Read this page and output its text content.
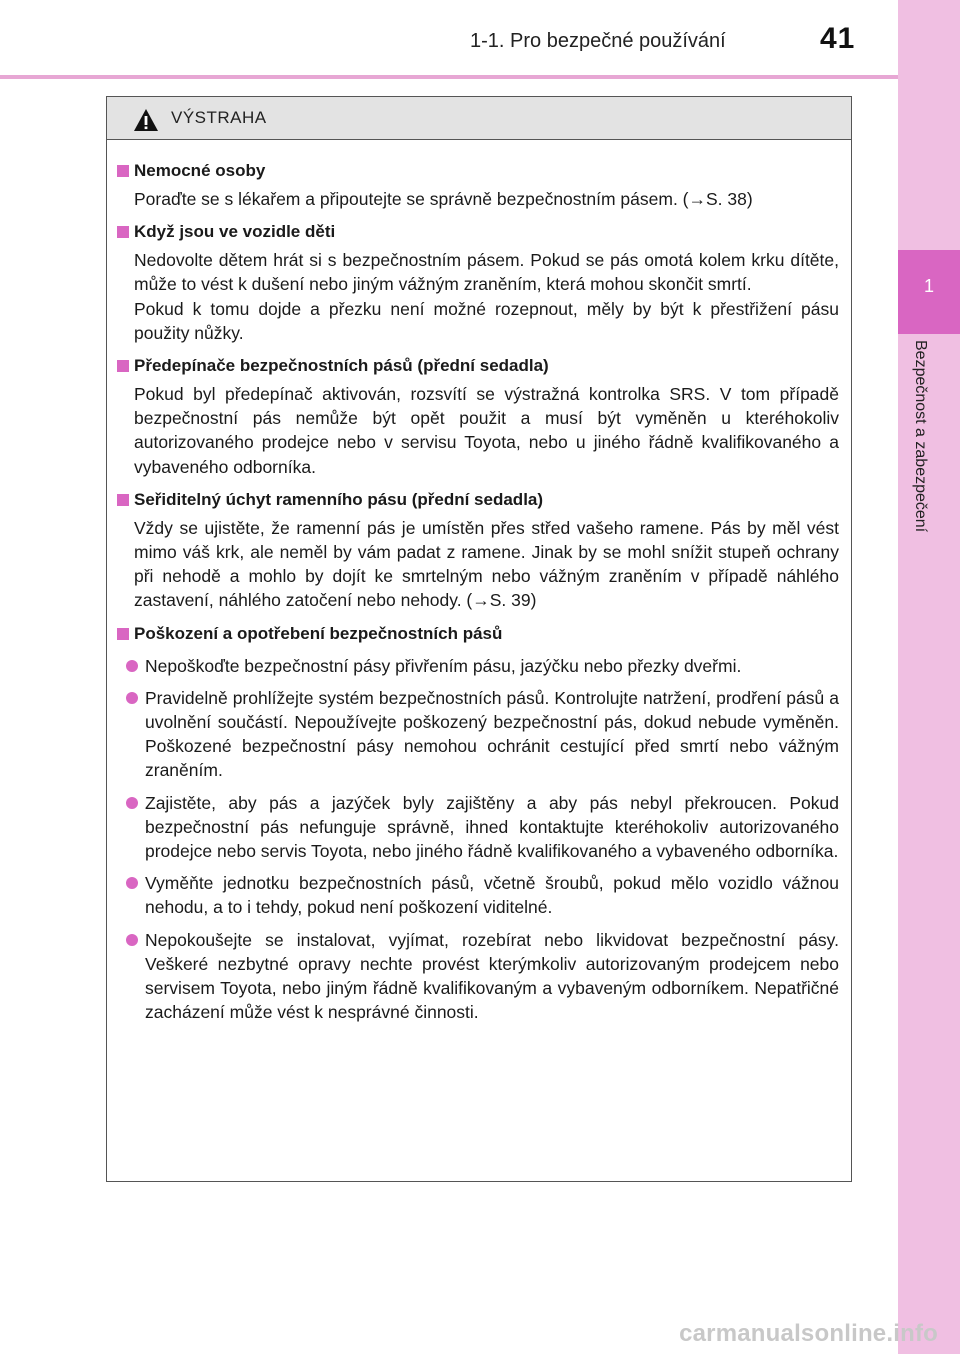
1-1. Pro bezpečné používání	41
1
Bezpečnost a zabezpečení
VÝSTRAHA
Nemocné osoby
Poraďte se s lékařem a připoutejte se správně bezpečnostním pásem. (→S. 38)
Když jsou ve vozidle děti
Nedovolte dětem hrát si s bezpečnostním pásem. Pokud se pás omotá kolem krku dítěte, může to vést k dušení nebo jiným vážným zraněním, která mohou skončit smrtí.
Pokud k tomu dojde a přezku není možné rozepnout, měly by být k přestřižení pásu použity nůžky.
Předepínače bezpečnostních pásů (přední sedadla)
Pokud byl předepínač aktivován, rozsvítí se výstražná kontrolka SRS. V tom případě bezpečnostní pás nemůže být opět použit a musí být vyměněn u kteréhokoliv autorizovaného prodejce nebo v servisu Toyota, nebo u jiného řádně kvalifikovaného a vybaveného odborníka.
Seřiditelný úchyt ramenního pásu (přední sedadla)
Vždy se ujistěte, že ramenní pás je umístěn přes střed vašeho ramene. Pás by měl vést mimo váš krk, ale neměl by vám padat z ramene. Jinak by se mohl snížit stupeň ochrany při nehodě a mohlo by dojít ke smrtelným nebo vážným zraněním v případě náhlého zastavení, náhlého zatočení nebo nehody. (→S. 39)
Poškození a opotřebení bezpečnostních pásů
Nepoškoďte bezpečnostní pásy přivřením pásu, jazýčku nebo přezky dveřmi.
Pravidelně prohlížejte systém bezpečnostních pásů. Kontrolujte natržení, prodření pásů a uvolnění součástí. Nepoužívejte poškozený bezpečnostní pás, dokud nebude vyměněn. Poškozené bezpečnostní pásy nemohou ochránit cestující před smrtí nebo vážným zraněním.
Zajistěte, aby pás a jazýček byly zajištěny a aby pás nebyl překroucen. Pokud bezpečnostní pás nefunguje správně, ihned kontaktujte kteréhokoliv autorizovaného prodejce nebo servis Toyota, nebo jiného řádně kvalifikovaného a vybaveného odborníka.
Vyměňte jednotku bezpečnostních pásů, včetně šroubů, pokud mělo vozidlo vážnou nehodu, a to i tehdy, pokud není poškození viditelné.
Nepokoušejte se instalovat, vyjímat, rozebírat nebo likvidovat bezpečnostní pásy. Veškeré nezbytné opravy nechte provést kterýmkoliv autorizovaným prodejcem nebo servisem Toyota, nebo jiným řádně kvalifikovaným a vybaveným odborníkem. Nepatřičné zacházení může vést k nesprávné činnosti.
carmanualsonline.info
